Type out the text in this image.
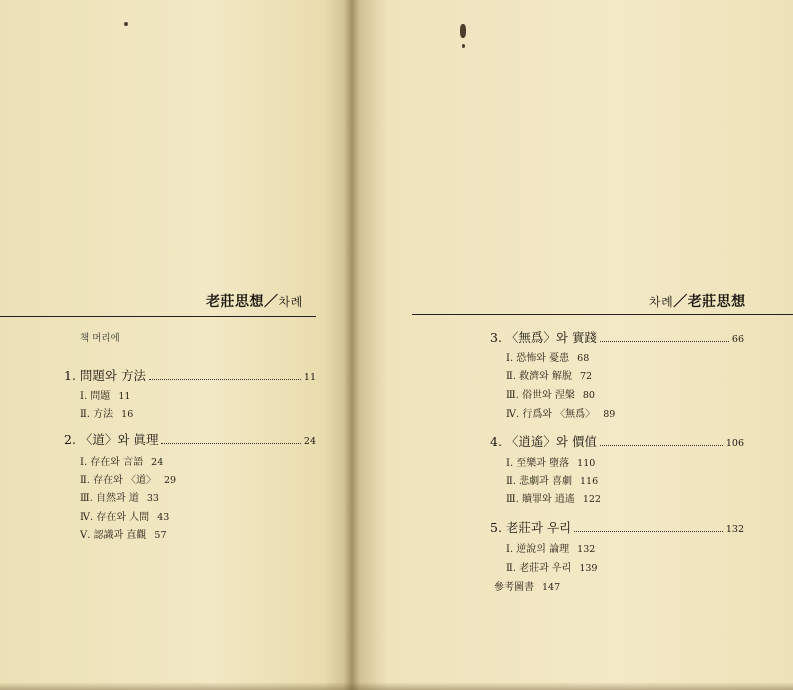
老莊思想／차례
책 머리에
1. 問題와 方法	11
Ⅰ. 問題 11
Ⅱ. 方法 16
2. 〈道〉와 眞理	24
Ⅰ. 存在와 言語 24
Ⅱ. 存在와 〈道〉 29
Ⅲ. 自然과 道 33
Ⅳ. 存在와 人間 43
Ⅴ. 認識과 直觀 57
차례／老莊思想
3. 〈無爲〉와 實踐	66
Ⅰ. 恐怖와 憂患 68
Ⅱ. 救濟와 解脫 72
Ⅲ. 俗世와 涅槃 80
Ⅳ. 行爲와 〈無爲〉 89
4. 〈逍遙〉와 價值	106
Ⅰ. 至樂과 墮落 110
Ⅱ. 悲劇과 喜劇 116
Ⅲ. 贖罪와 逍遙 122
5. 老莊과 우리	132
Ⅰ. 逆說의 論理 132
Ⅱ. 老莊과 우리 139
參考圖書 147
